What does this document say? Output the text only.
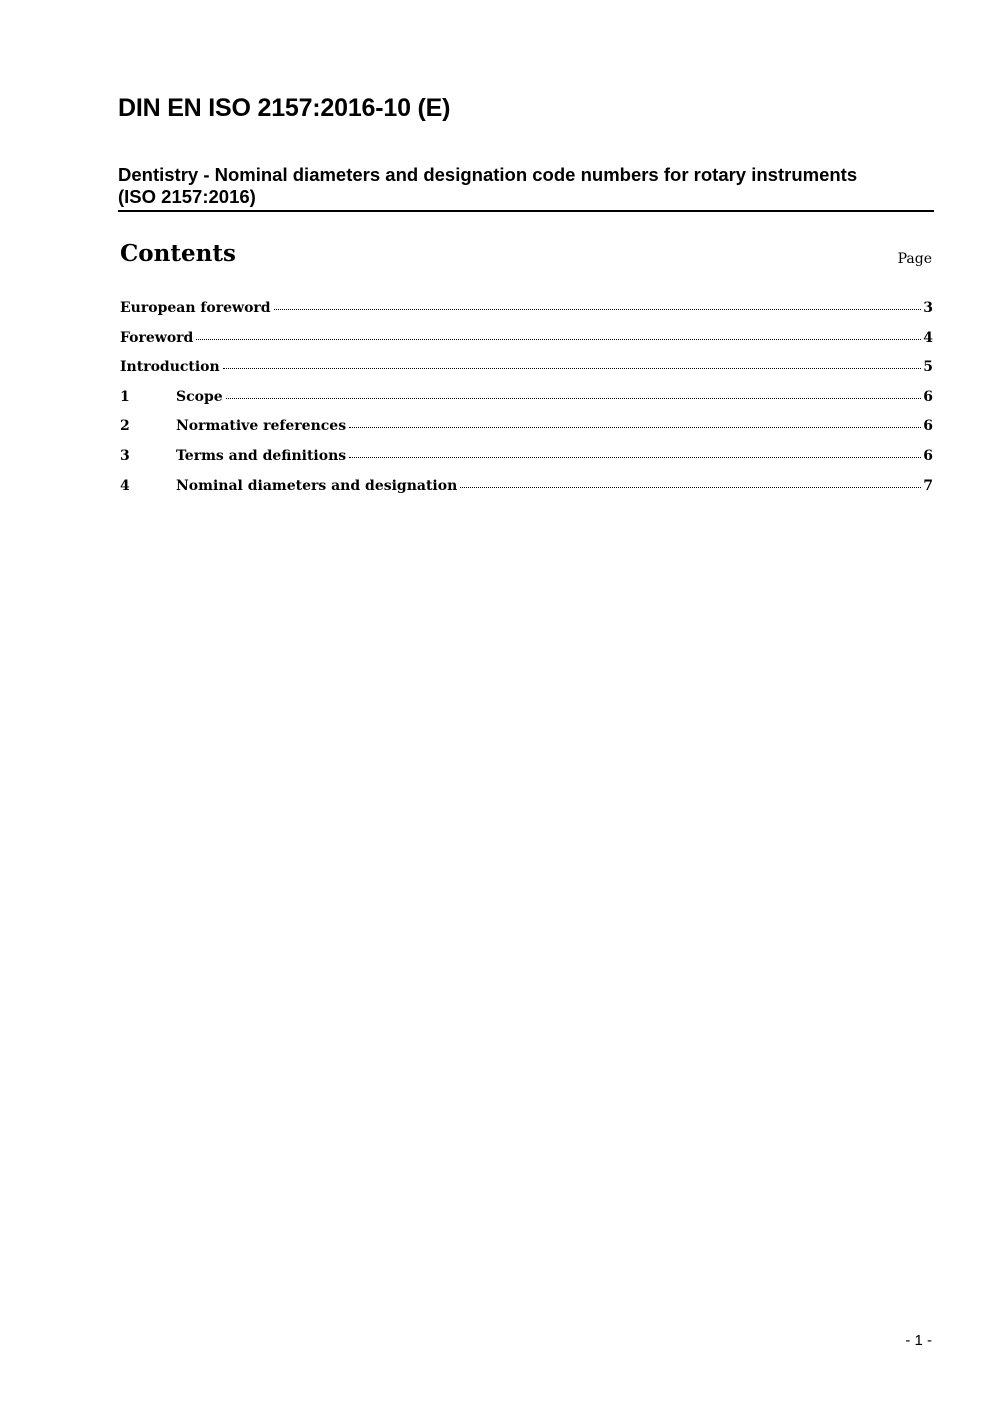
DIN EN ISO 2157:2016-10 (E)
Dentistry - Nominal diameters and designation code numbers for rotary instruments
(ISO 2157:2016)
Contents	Page
European foreword	3
Foreword	4
Introduction	5
1	Scope	6
2	Normative references	6
3	Terms and definitions	6
4	Nominal diameters and designation	7
- 1 -
